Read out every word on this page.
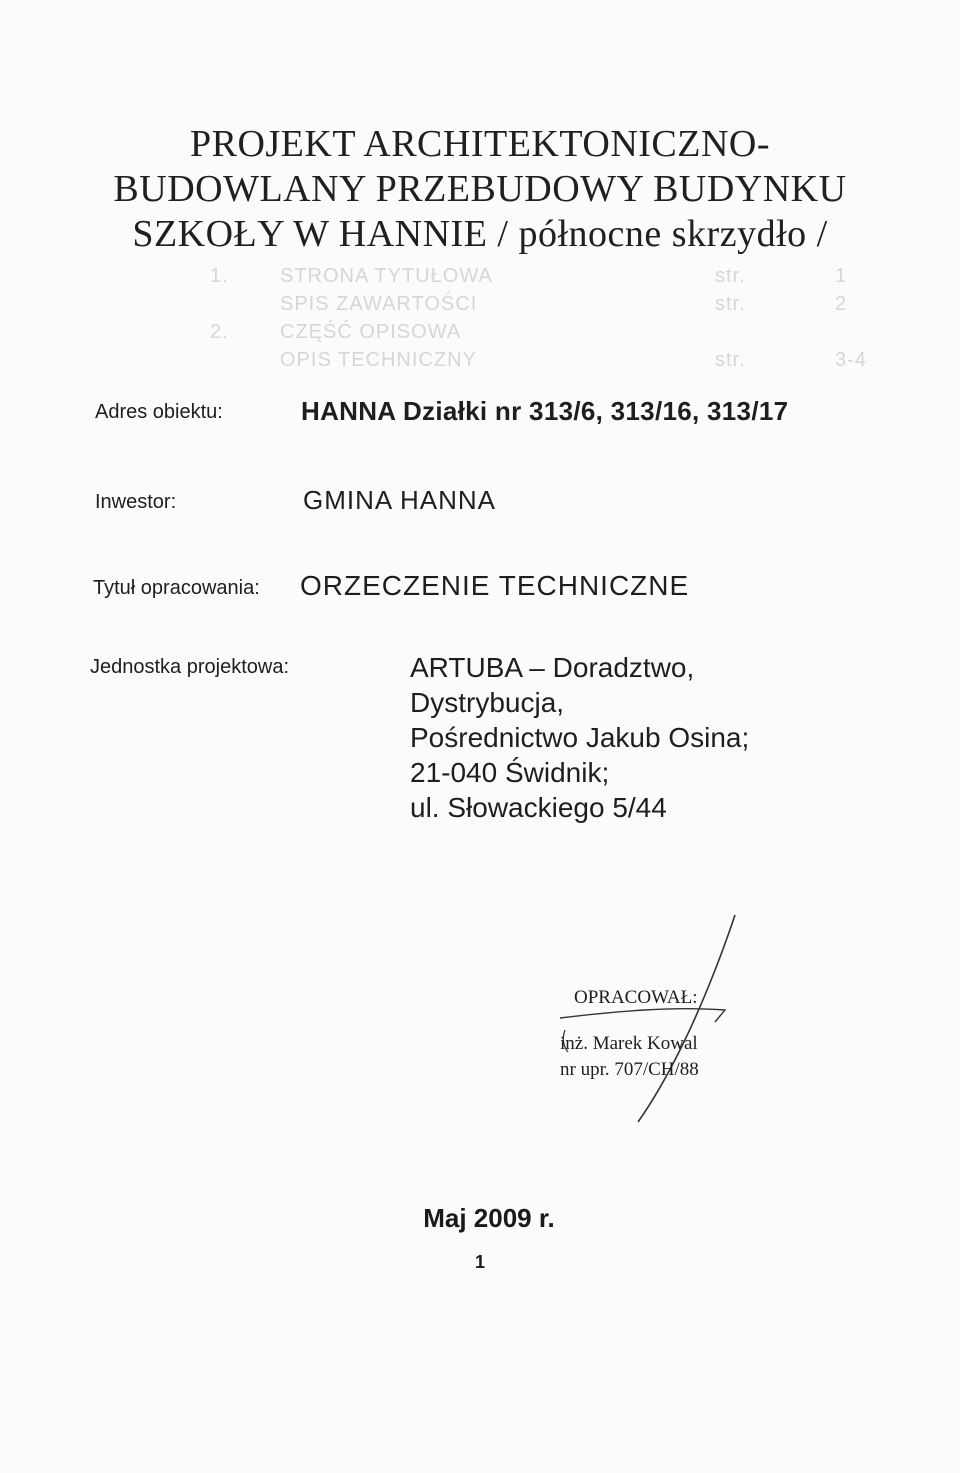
PROJEKT ARCHITEKTONICZNO-
BUDOWLANY PRZEBUDOWY BUDYNKU
SZKOŁY W HANNIE / północne skrzydło /
1.	STRONA TYTUŁOWA	str.	1
SPIS ZAWARTOŚCI	str.	2
2.	CZĘŚĆ OPISOWA
OPIS TECHNICZNY	str.	3-4
Adres obiektu:	HANNA Działki nr 313/6, 313/16, 313/17
Inwestor:	GMINA HANNA
Tytuł opracowania: ORZECZENIE TECHNICZNE
Jednostka projektowa:	ARTUBA – Doradztwo,
Dystrybucja,
Pośrednictwo Jakub Osina;
21-040 Świdnik;
ul. Słowackiego 5/44
OPRACOWAŁ:
inż. Marek Kowal
nr upr. 707/CH/88
Maj 2009 r.
1
